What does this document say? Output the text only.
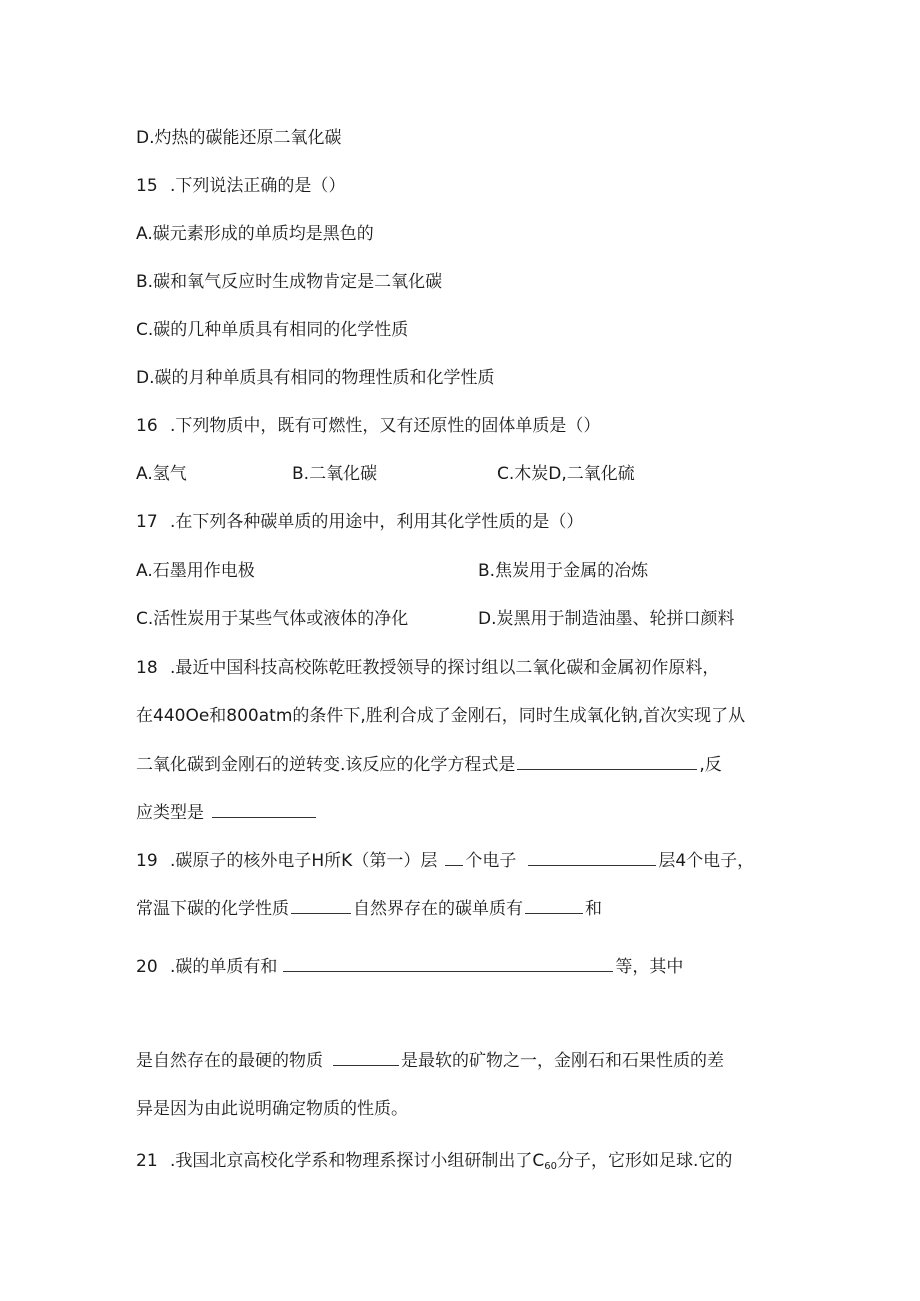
D.灼热的碳能还原二氧化碳
15 .下列说法正确的是（）
A.碳元素形成的单质均是黑色的
B.碳和氧气反应时生成物肯定是二氧化碳
C.碳的几种单质具有相同的化学性质
D.碳的月种单质具有相同的物理性质和化学性质
16 .下列物质中，既有可燃性，又有还原性的固体单质是（）
A.氢气	B.二氧化碳	C.木炭D,二氧化硫
17 .在下列各种碳单质的用途中，利用其化学性质的是（）
A.石墨用作电极	B.焦炭用于金属的冶炼
C.活性炭用于某些气体或液体的净化	D.炭黑用于制造油墨、轮拼口颜料
18 .最近中国科技高校陈乾旺教授领导的探讨组以二氧化碳和金属初作原料，
在440Oe和800atm的条件下,胜利合成了金刚石，同时生成氧化钠,首次实现了从
二氧化碳到金刚石的逆转变.该反应的化学方程式是	,反
应类型是
19 .碳原子的核外电子H所K（第一）层 个电子	层4个电子，
常温下碳的化学性质	自然界存在的碳单质有	和
20 .碳的单质有和	等，其中
是自然存在的最硬的物质	是最软的矿物之一，金刚石和石果性质的差
异是因为由此说明确定物质的性质。
21 .我国北京高校化学系和物理系探讨小组研制出了$C_{60}$分子，它形如足球.它的
